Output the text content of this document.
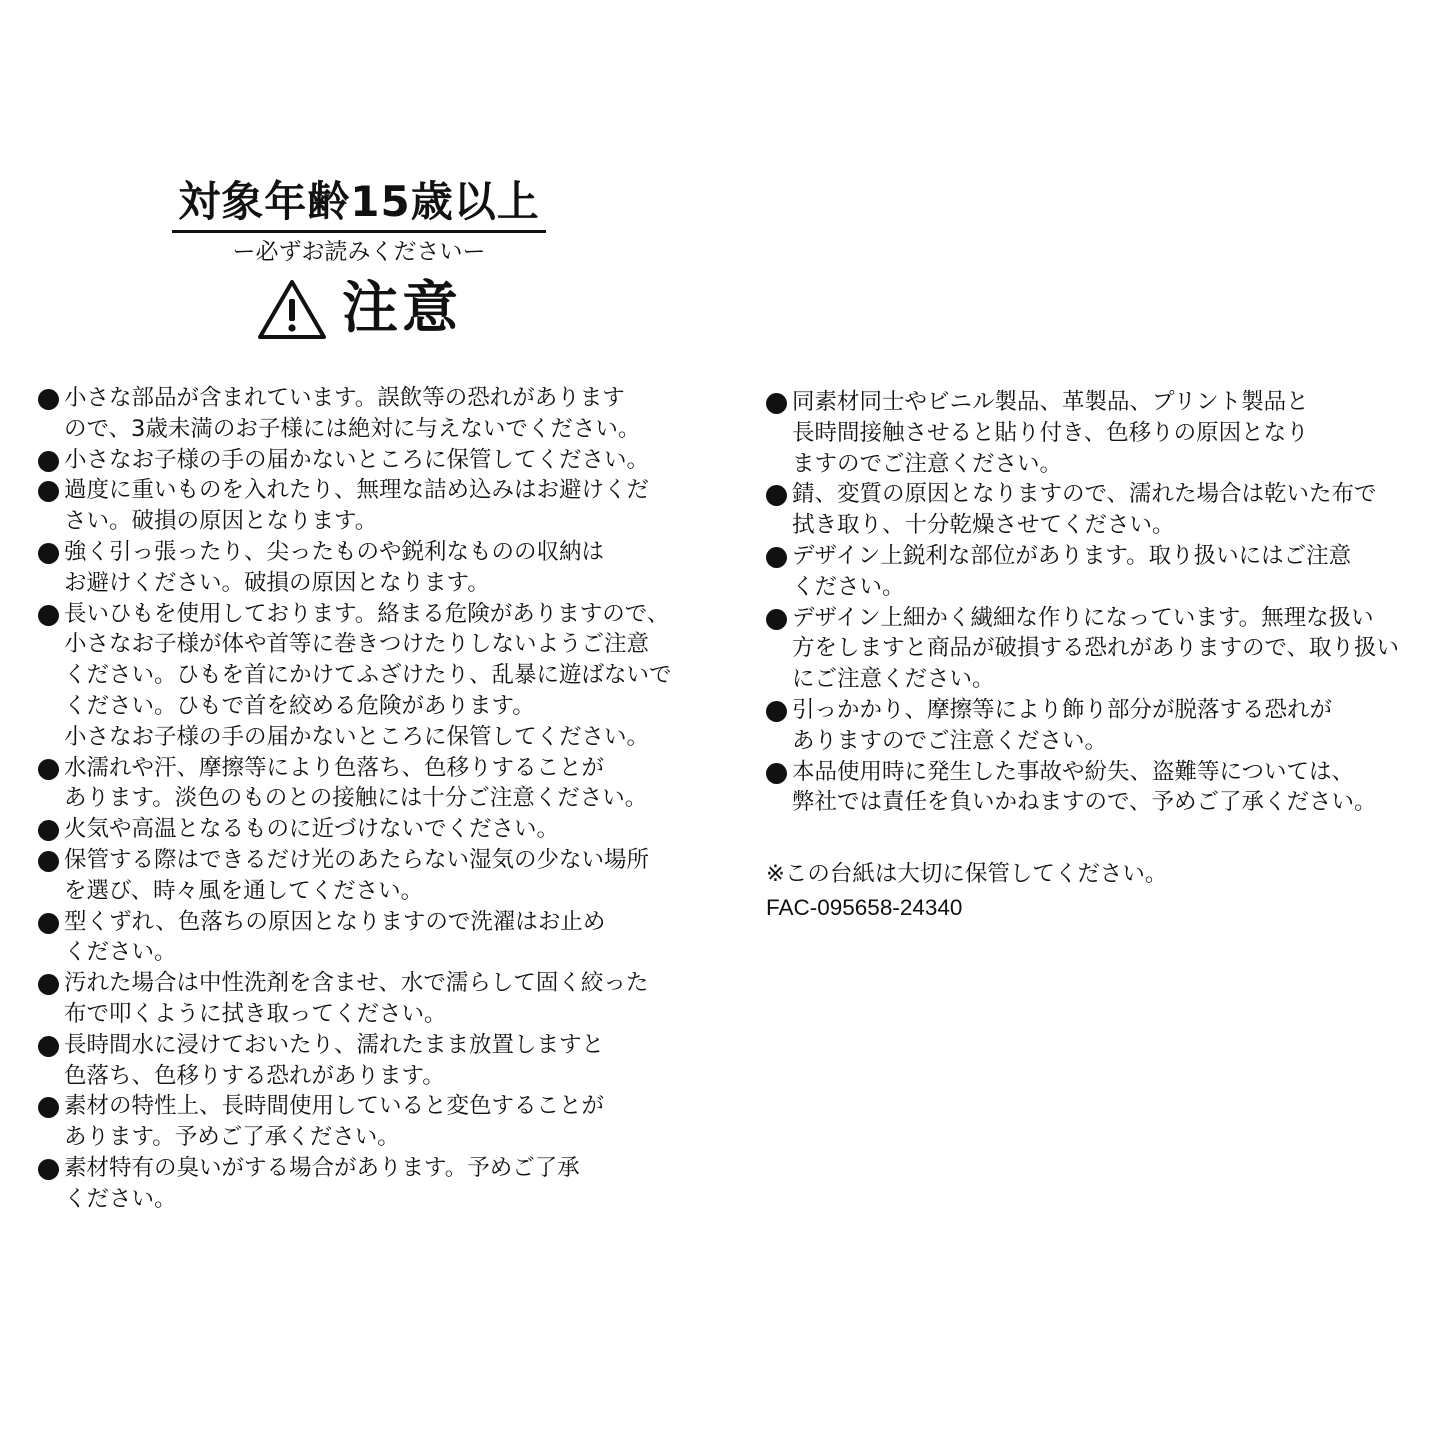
対象年齢15歳以上
ー必ずお読みくださいー
注意
小さな部品が含まれています。誤飲等の恐れがあります
ので、3歳未満のお子様には絶対に与えないでください。
小さなお子様の手の届かないところに保管してください。
過度に重いものを入れたり、無理な詰め込みはお避けくだ
さい。破損の原因となります。
強く引っ張ったり、尖ったものや鋭利なものの収納は
お避けください。破損の原因となります。
長いひもを使用しております。絡まる危険がありますので、
小さなお子様が体や首等に巻きつけたりしないようご注意
ください。ひもを首にかけてふざけたり、乱暴に遊ばないで
ください。ひもで首を絞める危険があります。
小さなお子様の手の届かないところに保管してください。
水濡れや汗、摩擦等により色落ち、色移りすることが
あります。淡色のものとの接触には十分ご注意ください。
火気や高温となるものに近づけないでください。
保管する際はできるだけ光のあたらない湿気の少ない場所
を選び、時々風を通してください。
型くずれ、色落ちの原因となりますので洗濯はお止め
ください。
汚れた場合は中性洗剤を含ませ、水で濡らして固く絞った
布で叩くように拭き取ってください。
長時間水に浸けておいたり、濡れたまま放置しますと
色落ち、色移りする恐れがあります。
素材の特性上、長時間使用していると変色することが
あります。予めご了承ください。
素材特有の臭いがする場合があります。予めご了承
ください。
同素材同士やビニル製品、革製品、プリント製品と
長時間接触させると貼り付き、色移りの原因となり
ますのでご注意ください。
錆、変質の原因となりますので、濡れた場合は乾いた布で
拭き取り、十分乾燥させてください。
デザイン上鋭利な部位があります。取り扱いにはご注意
ください。
デザイン上細かく繊細な作りになっています。無理な扱い
方をしますと商品が破損する恐れがありますので、取り扱い
にご注意ください。
引っかかり、摩擦等により飾り部分が脱落する恐れが
ありますのでご注意ください。
本品使用時に発生した事故や紛失、盗難等については、
弊社では責任を負いかねますので、予めご了承ください。
※この台紙は大切に保管してください。
FAC-095658-24340
